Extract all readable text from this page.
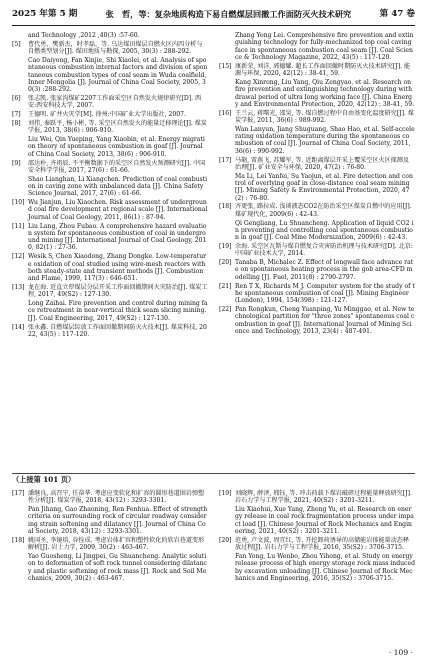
2025 年第 5 期	张　哲，等：复杂地质构造下易自燃煤层回撤工作面防灭火技术研究	第 47 卷
and Technology ,2012 ,40(3) :57-60.
[5]	曹代勇，樊新杰，时孝磊，等. 乌达煤田煤层自燃火区内四分析与自燃类型划分[J]. 煤田地质与勘探, 2005, 30(3) : 288-292.
Cao Daiyong, Fan Xinjie, Shi Xiaolei, et al. Analysis of spontaneous combustion internal factors and division of spontaneous combustion types of coal seam in Wuda coalfield, Inner Mongolia [J]. Journal of China Coal Society, 2005, 30(3) :288-292.
[6]	张志凯. 张家沟煤矿2207工作面采空区自然发火规律研究[D]. 西安:西安科技大学, 2007.
[7]	王德明. 矿井火灾学[M]. 徐州:中国矿业大学出版社, 2007.
[8]	刘伟, 秦跃平, 杨小彬, 等. 采空区自然发火的能量迁移理论[J]. 煤炭学报, 2013, 38(6) : 906-910.
Liu Wei, Qin Yueping, Yang Xiaobin, et al. Energy migration theory of spontaneous combustion in goaf [J]. Journal of China Coal Society, 2013, 38(6) : 906-910.
[9]	邵达朴, 齐祖辰. 不平衡数据下的采空区自然发火预测研究[J]. 中国安全科学学报, 2017, 27(6) : 61-66.
Shao Lianghan, Li Xiangchen. Prediction of coal combustion in caving zone with unbalanced data [J]. China Safety Science Journal, 2017, 27(6) : 61-66.
[10] Wu Jianjun, Liu Xiaochen. Risk assessment of underground coal fire development at regional scale [J]. International Journal of Coal Geology, 2011, 86(1) : 87-94.
[11] Liu Lang, Zhou Fubao. A comprehensive hazard evaluation system for spontaneous combustion of coal in underground mining [J]. International Journal of Coal Geology, 2010, 82(1) : 27-36.
[12] Wesik S, Chen Xiaodong, Zhang Dongke. Low-temperature oxidation of coal studied using wire-mesh reactors with both steady-state and transient methods [J]. Combustion and Flame, 1999, 117(3) : 646-651.
[13] 龙在海. 近直立厚煤层分层开采工作面回撤期间火灾防治[J]. 煤炭工程, 2017, 49(S2) : 127-130.
Long Zaihai. Fire prevention and control during mining face retreatment in near-vertical thick seam slicing mining. [J]. Coal Engineering, 2017, 49(S2) : 127-130.
[14] 张永鑫. 自燃煤层综放工作面回撤期间防灭火技术[J]. 煤炭科技, 2022, 43(5) : 117-120.
Zhang Yong Lei. Comprehensive fire prevention and extinguishing technology for fully-mechanized top coal caving face in spontaneous combustion coal seam [J]. Coal Science & Technology Magazine, 2022, 43(5) : 117-120.
[15] 康新荣, 刘洋, 郭德耀. 超长工作面回撤时期防灭火技术研究[J]. 能源与环保, 2020, 42(12) : 38-41, 59.
Kang Xinrong, Liu Yang, Qiu Zengyao, et al. Research on fire prevention and extinguishing technology during withdrawal period of ultra long working face [J]. China Energy and Environmental Protection, 2020, 42(12) : 38-41, 59.
[16] 王兰云, 蒋曙光, 邵昊, 等. 煤自燃过程中自由基变化温度研究[J]. 煤炭学报, 2011, 36(6) : 989-992.
Wan Lanyun, Jiang Shuguang, Shao Hao, et al. Self-accelerating oxidation temperature during the spontaneous combustion of coal [J]. Journal of China Coal Society, 2011, 36(6) : 990-992.
[17] 马砺, 雷燕飞, 苏耀军, 等. 近距离煤层开采上覆采空区火区探测及治理[J]. 矿业安全与环保, 2020, 47(2) : 76-80.
Ma Li, Lei Yanfei, Su Yaojun, et al. Fire detection and control of overlying goaf in close-distance coal seam mining [J]. Mining Safety & Environmental Protection, 2020, 47(2) : 76-80.
[18] 齐更张, 路拉成. 浅谈液态CO2在防治采空区煤炭自燃中的应用[J]. 煤矿现代化, 2009(6) : 42-43.
Qi Gengliang, Lu Shuancheng. Application of liquid CO2 in preventing and controlling coal spontaneous combustion in goaf [J]. Coal Mine Modernization, 2009(6) : 42-43.
[19] 余海. 采空区瓦斯与煤自燃复合灾害防治机理与技术研究[D]. 北京: 中国矿业技术大学, 2014.
[20] Tanaba B, Michalec Z. Effect of longwall face advance rate on spontaneous heating process in the gob area-CFD modelling [J]. Fuel, 2011(8) : 2790-2797.
[21] Ren T X, Richards M J. Computer system for the study of the spontaneous combustion of coal [J]. Mining Engineer (London), 1994, 154(398) : 121-127.
[22] Pan Rongkun, Cheng Yuanping, Yu Minggao, et al. New technological partition for "three zones" spontaneous coal combustion in goaf [J]. International Journal of Mining Science and Technology, 2013, 23(4) : 487-491.
（上接第 101 页）
[17] 潘继良, 高召宁, 任奋华. 考虑应变软化和扩容的圆形巷道围岩弹塑性分析[J]. 煤炭学报, 2018, 43(12) : 3293-3301.
Pan Jihang, Gao Zhaoning, Ren Fenhua. Effect of strength criteria on surrounding rock of circular roadway considering strain softening and dilatancy [J]. Journal of China Coal Society, 2018, 43(12) : 3293-3301.
[18] 姚国圣, 李镜培, 谷拴成. 考虑岩体扩容和塑性软化的软岩巷道变形解析[J]. 岩土力学, 2009, 30(2) : 463-467.
Yao Guosheng, Li Jingpei, Gu Shuancheng. Analytic solution to deformation of soft rock tunnel considering dilatancy and plastic softening of rock mass [J]. Rock and Soil Mechanics, 2009, 30(2) : 463-467.
[19] 刘晓辉, 薛泽, 邢钰, 等. 冲击荷载下煤岩破碎过程能量释放研究[J]. 岩石力学与工程学报, 2021, 40(S2) : 3201-3211.
Liu Xiaohui, Xue Yang, Zheng Yu, et al. Research on energy release in coal rock fragmentation process under impact load [J]. Chinese Journal of Rock Mechanics and Engineering, 2021, 40(S2) : 3201-3211.
[20] 范勇, 卢文波, 周宜红, 等. 开挖卸荷诱导的高储能岩体能量动态释放过程[J]. 岩石力学与工程学报, 2016, 35(S2) : 3706-3715.
Fan Yong, Lu Wenbo, Zhou Yihong, et al. Study on energy release process of high energy storage rock mass induced by excavation unloading [J]. Chinese Journal of Rock Mechanics and Engineering, 2016, 35(S2) : 3706-3715.
· 109 ·
